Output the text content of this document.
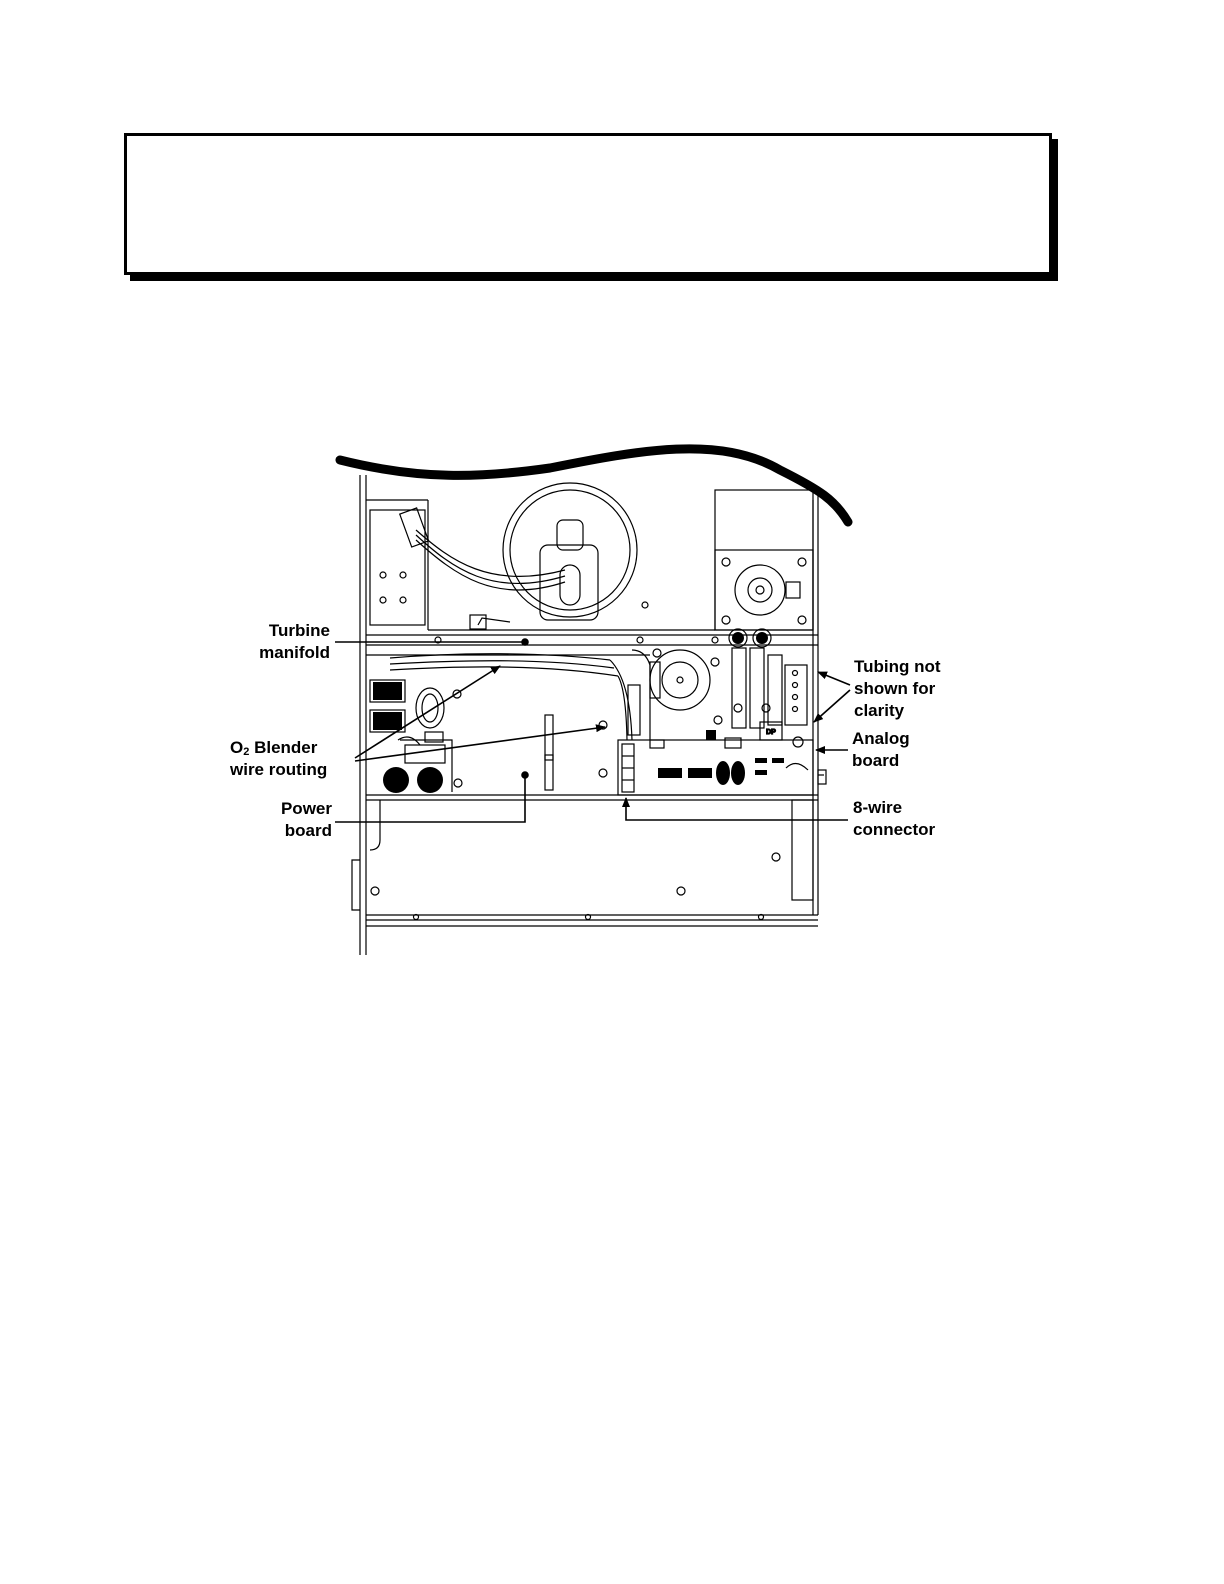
DP
Turbine
manifold
O2 Blender
wire routing
Power
board
Tubing not
shown for
clarity
Analog
board
8-wire
connector
